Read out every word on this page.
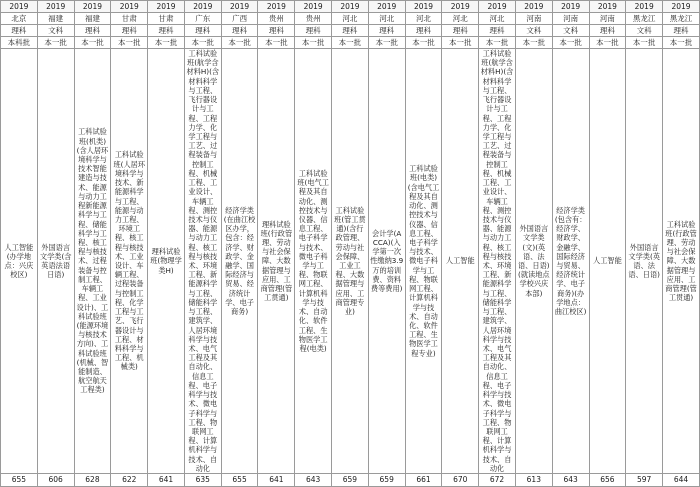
2019	2019	2019	2019	2019	2019	2019	2019	2019	2019	2019	2019	2019	2019	2019	2019	2019	2019	2019
北京	福建	福建	甘肃	甘肃	广东	广西	贵州	贵州	河北	河北	河北	河北	河北	河南	河南	河南	黑龙江	黑龙江
理科	文科	理科	理科	理科	理科	理科	理科	理科	理科	理科	理科	理科	理科	文科	文科	理科	文科	理科
本科批	本一批	本一批	本一批	本一批	本一批	本一批	本一批	本一批	本一批	本一批	本一批	本一批	本一批	本一批	本一批	本一批	本一批	本一批
人工智能(办学地点：兴庆校区)	外国语言文学类(含英语法语日语)	工科试验班(机类)(含人居环境科学与技术智能建造与技术、能源与动力工程新能源科学与工程、储能科学与工程、核工程与核技术、过程装备与控制工程、车辆工程、工业设计)、工科试验班(能源环境与核技术方向)、工科试验班(机械、智能制造、航空航天工程类)	工科试验班(人居环境科学与技术、新能源科学与工程、能源与动力工程、环境工程、核工程与核技术、工业设计、车辆工程、过程装备与控制工程、化学工程与工艺、飞行器设计与工程、材料科学与工程、机械类)	理科试验班(物理学类H)	工科试验班(航学含材料H)(含材料科学与工程、飞行器设计与工程、工程力学、化学工程与工艺、过程装备与控制工程、机械工程、工业设计、车辆工程、测控技术与仪器、能源与动力工程、核工程与核技术、环境工程、新能源科学与工程、储能科学与工程、建筑学、人居环境科学与技术、电气工程及其自动化、信息工程、电子科学与技术、微电子科学与工程、物联网工程、计算机科学与技术、自动化	经济学类(在曲江校区办学，包含：经济学、财政学、金融学、国际经济与贸易、经济统计学、电子商务)	理科试验班(行政管理、劳动与社会保障、大数据管理与应用、工商管理(管工贯通)	工科试验班(电气工程及其自动化、测控技术与仪器、信息工程、电子科学与技术、微电子科学与工程、物联网工程、计算机科学与技术、自动化、软件工程、生物医学工程(电类)	工科试验班(管工贯通)(含行政管理、劳动与社会保障、工业工程、大数据管理与应用、工商管理专业)	会计学(ACCA)(入学第一次性缴纳3.9万的培训费、资料费等费用)	工科试验班(电类)(含电气工程及其自动化、测控技术与仪器、信息工程、电子科学与技术、微电子科学与工程、物联网工程、计算机科学与技术、自动化、软件工程、生物医学工程专业)	人工智能	工科试验班(航学含材料H)(含材料科学与工程、飞行器设计与工程、工程力学、化学工程与工艺、过程装备与控制工程、机械工程、工业设计、车辆工程、测控技术与仪器、能源与动力工程、核工程与核技术、环境工程、新能源科学与工程、储能科学与工程、建筑学、人居环境科学与技术、电气工程及其自动化、信息工程、电子科学与技术、微电子科学与工程、物联网工程、计算机科学与技术、自动化	外国语言文学类(文)(英语、法语、日语)(就读地点学校兴庆本部)	经济学类(包含有：经济学、财政学、金融学、国际经济与贸易、经济统计学、电子商务)(办学地点：曲江校区)	人工智能	外国语言文学类(英语、法语、日语)	工科试验班(行政管理、劳动与社会保障、大数据管理与应用、工商管理(管工贯通)
655	606	628	622	641	635	655	641	643	659	659	661	670	672	613	643	656	597	644
